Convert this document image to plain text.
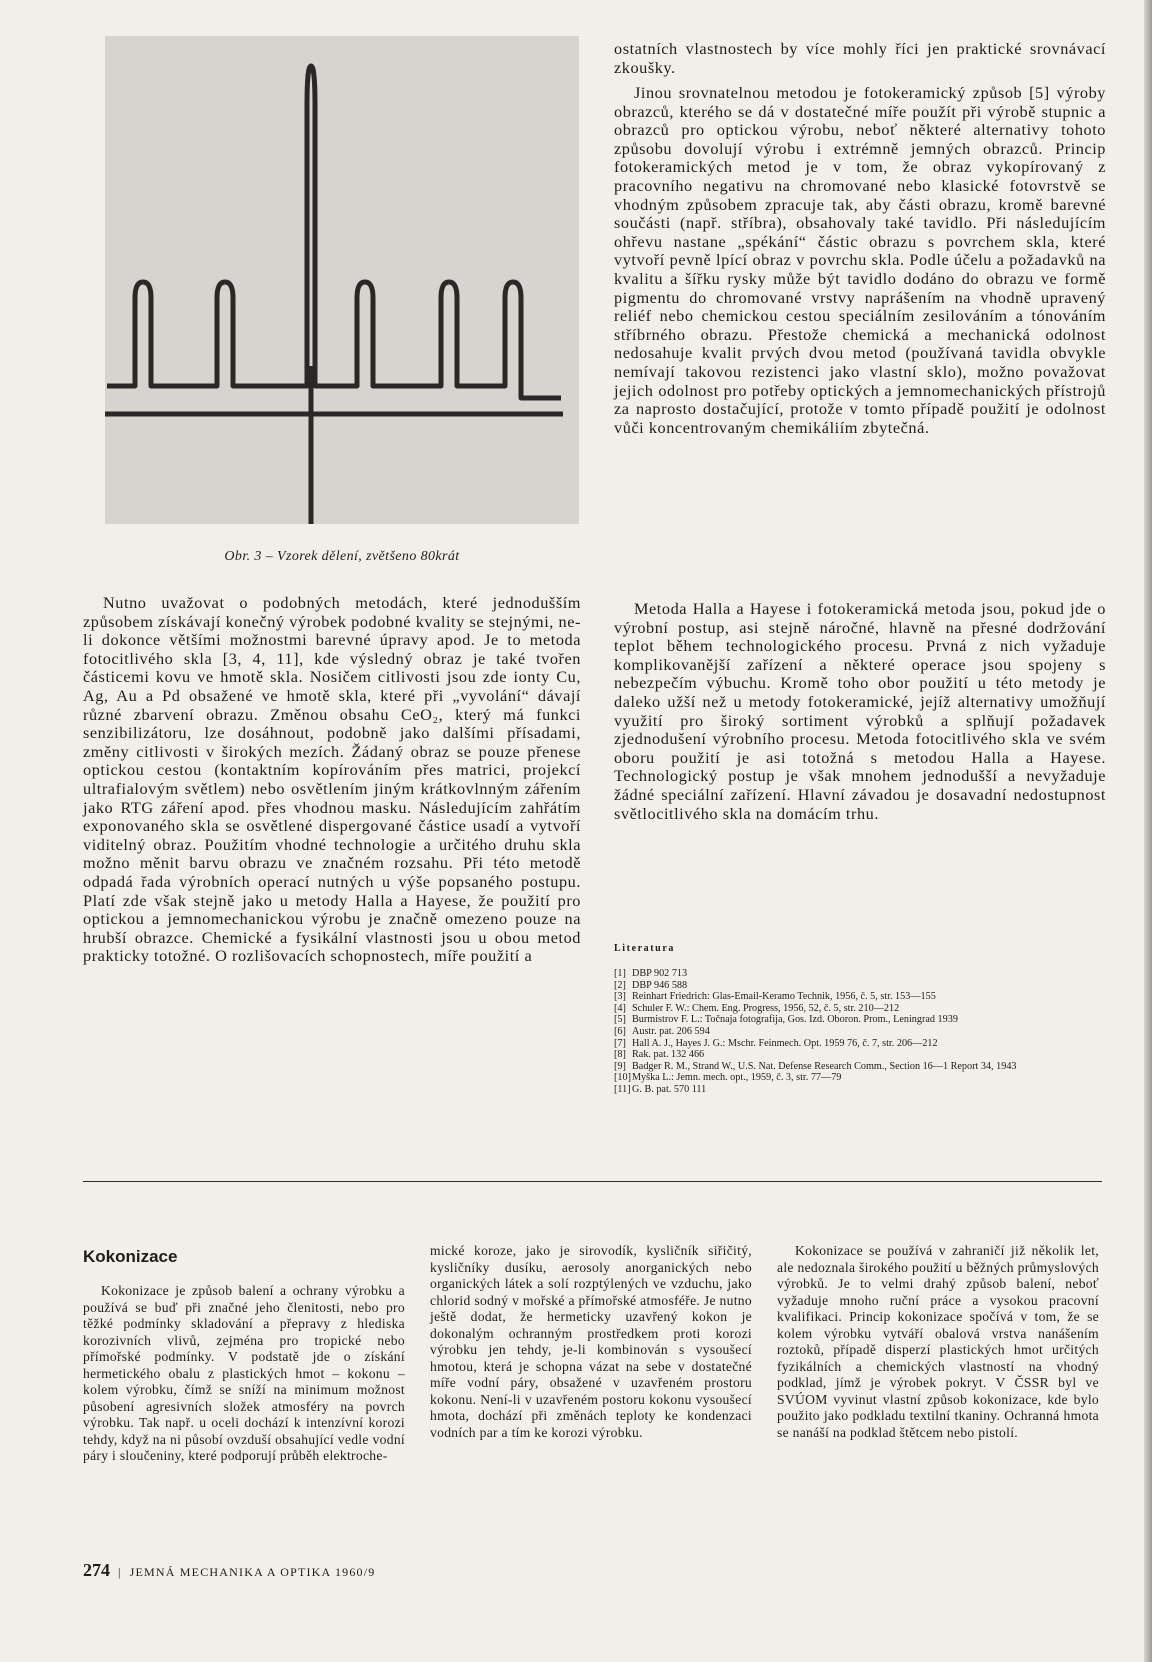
Obr. 3 – Vzorek dělení, zvětšeno 80krát

Nutno uvažovat o podobných metodách, které jednodušším způsobem získávají konečný výrobek podobné kvality se stejnými, ne-li dokonce většími možnostmi barevné úpravy apod. Je to metoda fotocitlivého skla [3, 4, 11], kde výsledný obraz je také tvořen částicemi kovu ve hmotě skla. Nosičem citlivosti jsou zde ionty Cu, Ag, Au a Pd obsažené ve hmotě skla, které při „vyvolání“ dávají různé zbarvení obrazu. Změnou obsahu CeO₂, který má funkci senzibilizátoru, lze dosáhnout, podobně jako dalšími přísadami, změny citlivosti v širokých mezích. Žádaný obraz se pouze přenese optickou cestou (kontaktním kopírováním přes matrici, projekcí ultrafialovým světlem) nebo osvětlením jiným krátkovlnným zářením jako RTG záření apod. přes vhodnou masku. Následujícím zahřátím exponovaného skla se osvětlené dispergované částice usadí a vytvoří viditelný obraz. Použitím vhodné technologie a určitého druhu skla možno měnit barvu obrazu ve značném rozsahu. Při této metodě odpadá řada výrobních operací nutných u výše popsaného postupu. Platí zde však stejně jako u metody Halla a Hayese, že použití pro optickou a jemnomechanickou výrobu je značně omezeno pouze na hrubší obrazce. Chemické a fysikální vlastnosti jsou u obou metod prakticky totožné. O rozlišovacích schopnostech, míře použití a

ostatních vlastnostech by více mohly říci jen praktické srovnávací zkoušky.

Jinou srovnatelnou metodou je fotokeramický způsob [5] výroby obrazců, kterého se dá v dostatečné míře použít při výrobě stupnic a obrazců pro optickou výrobu, neboť některé alternativy tohoto způsobu dovolují výrobu i extrémně jemných obrazců. Princip fotokeramických metod je v tom, že obraz vykopírovaný z pracovního negativu na chromované nebo klasické fotovrstvě se vhodným způsobem zpracuje tak, aby části obrazu, kromě barevné součásti (např. stříbra), obsahovaly také tavidlo. Při následujícím ohřevu nastane „spékání“ částic obrazu s povrchem skla, které vytvoří pevně lpící obraz v povrchu skla. Podle účelu a požadavků na kvalitu a šířku rysky může být tavidlo dodáno do obrazu ve formě pigmentu do chromované vrstvy naprášením na vhodně upravený reliéf nebo chemickou cestou speciálním zesilováním a tónováním stříbrného obrazu. Přestože chemická a mechanická odolnost nedosahuje kvalit prvých dvou metod (používaná tavidla obvykle nemívají takovou rezistenci jako vlastní sklo), možno považovat jejich odolnost pro potřeby optických a jemnomechanických přístrojů za naprosto dostačující, protože v tomto případě použití je odolnost vůči koncentrovaným chemikáliím zbytečná.

Metoda Halla a Hayese i fotokeramická metoda jsou, pokud jde o výrobní postup, asi stejně náročné, hlavně na přesné dodržování teplot během technologického procesu. Prvná z nich vyžaduje komplikovanější zařízení a některé operace jsou spojeny s nebezpečím výbuchu. Kromě toho obor použití u této metody je daleko užší než u metody fotokeramické, jejíž alternativy umožňují využití pro široký sortiment výrobků a splňují požadavek zjednodušení výrobního procesu. Metoda fotocitlivého skla ve svém oboru použití je asi totožná s metodou Halla a Hayese. Technologický postup je však mnohem jednodušší a nevyžaduje žádné speciální zařízení. Hlavní závadou je dosavadní nedostupnost světlocitlivého skla na domácím trhu.

Literatura

[1] DBP 902 713
[2] DBP 946 588
[3] Reinhart Friedrich: Glas-Email-Keramo Technik, 1956, č. 5, str. 153—155
[4] Schuler F. W.: Chem. Eng. Progress, 1956, 52, č. 5, str. 210—212
[5] Burmistrov F. L.: Točnaja fotografija, Gos. Izd. Oboron. Prom., Leningrad 1939
[6] Austr. pat. 206 594
[7] Hall A. J., Hayes J. G.: Mschr. Feinmech. Opt. 1959 76, č. 7, str. 206—212
[8] Rak. pat. 132 466
[9] Badger R. M., Strand W., U.S. Nat. Defense Research Comm., Section 16—1 Report 34, 1943
[10] Myška L.: Jemn. mech. opt., 1959, č. 3, str. 77—79
[11] G. B. pat. 570 111
Kokonizace

Kokonizace je způsob balení a ochrany výrobku a používá se buď při značné jeho členitosti, nebo pro těžké podmínky skladování a přepravy z hlediska korozivních vlivů, zejména pro tropické nebo přímořské podmínky. V podstatě jde o získání hermetického obalu z plastických hmot – kokonu – kolem výrobku, čímž se sníží na minimum možnost působení agresivních složek atmosféry na povrch výrobku. Tak např. u oceli dochází k intenzívní korozi tehdy, když na ni působí ovzduší obsahující vedle vodní páry i sloučeniny, které podporují průběh elektroche-

mické koroze, jako je sirovodík, kysličník siřičitý, kysličníky dusíku, aerosoly anorganických nebo organických látek a solí rozptýlených ve vzduchu, jako chlorid sodný v mořské a přímořské atmosféře. Je nutno ještě dodat, že hermeticky uzavřený kokon je dokonalým ochranným prostředkem proti korozi výrobku jen tehdy, je-li kombinován s vysoušecí hmotou, která je schopna vázat na sebe v dostatečné míře vodní páry, obsažené v uzavřeném prostoru kokonu. Není-li v uzavřeném postoru kokonu vysoušecí hmota, dochází při změnách teploty ke kondenzaci vodních par a tím ke korozi výrobku.

Kokonizace se používá v zahraničí již několik let, ale nedoznala širokého použití u běžných průmyslových výrobků. Je to velmi drahý způsob balení, neboť vyžaduje mnoho ruční práce a vysokou pracovní kvalifikaci. Princip kokonizace spočívá v tom, že se kolem výrobku vytváří obalová vrstva nanášením roztoků, případě disperzí plastických hmot určitých fyzikálních a chemických vlastností na vhodný podklad, jímž je výrobek pokryt. V ČSSR byl ve SVÚOM vyvinut vlastní způsob kokonizace, kde bylo použito jako podkladu textilní tkaniny. Ochranná hmota se nanáší na podklad štětcem nebo pistolí.

274 | JEMNÁ MECHANIKA A OPTIKA 1960/9
